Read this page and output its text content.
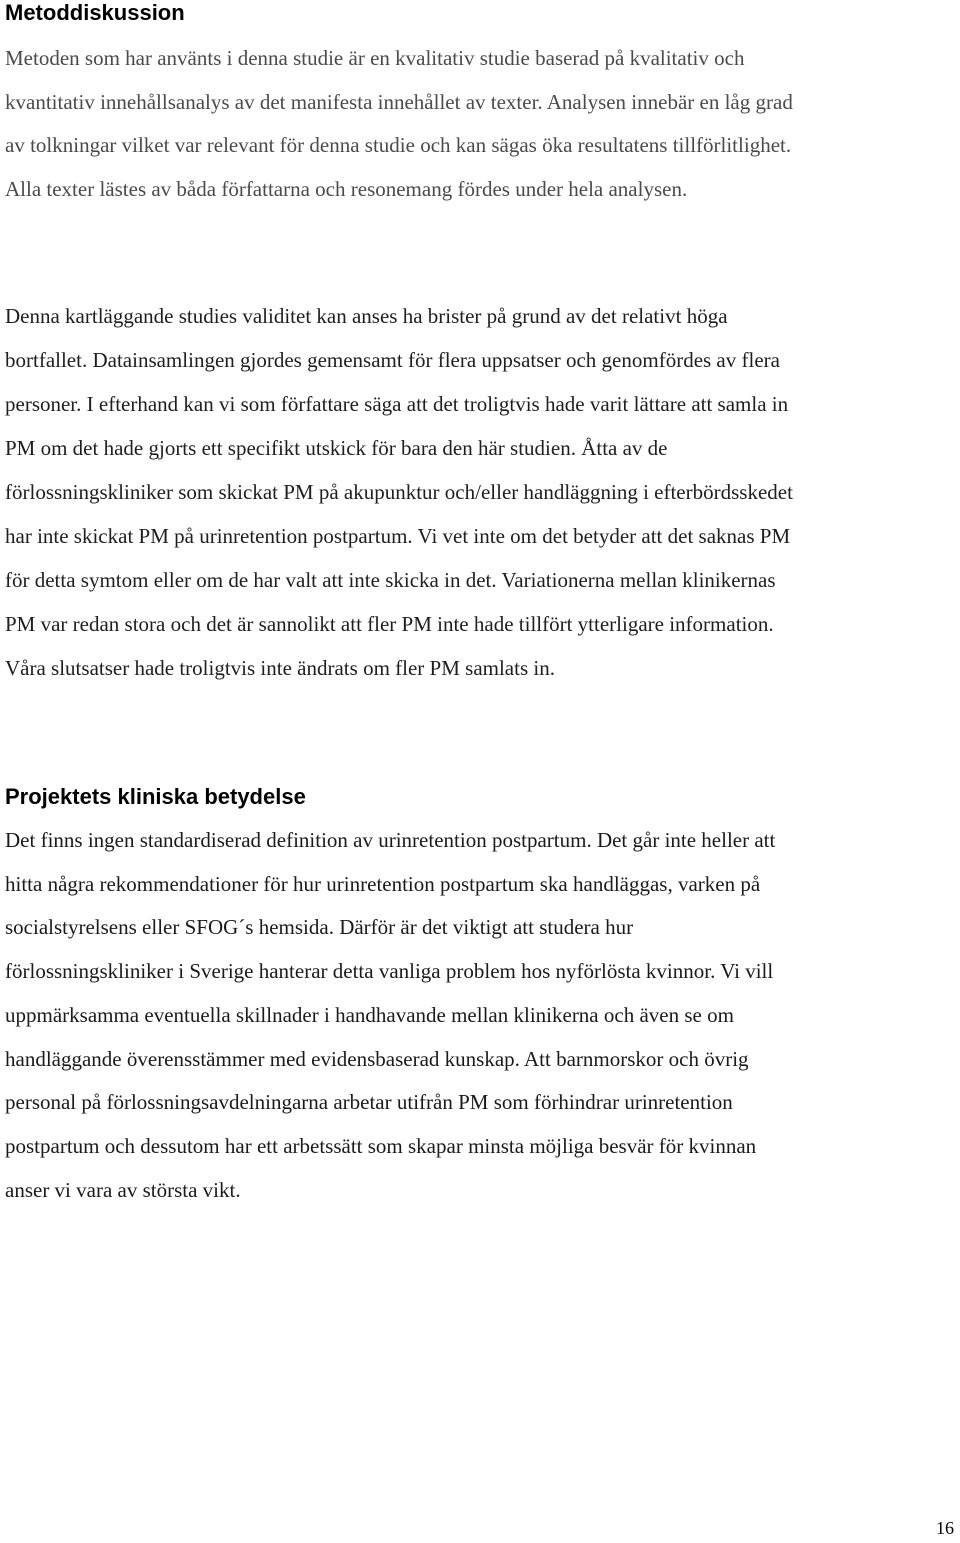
Metoddiskussion

Metoden som har använts i denna studie är en kvalitativ studie baserad på kvalitativ och
kvantitativ innehållsanalys av det manifesta innehållet av texter. Analysen innebär en låg grad
av tolkningar vilket var relevant för denna studie och kan sägas öka resultatens tillförlitlighet.
Alla texter lästes av båda författarna och resonemang fördes under hela analysen.

Denna kartläggande studies validitet kan anses ha brister på grund av det relativt höga
bortfallet. Datainsamlingen gjordes gemensamt för flera uppsatser och genomfördes av flera
personer. I efterhand kan vi som författare säga att det troligtvis hade varit lättare att samla in
PM om det hade gjorts ett specifikt utskick för bara den här studien. Åtta av de
förlossningskliniker som skickat PM på akupunktur och/eller handläggning i efterbördsskedet
har inte skickat PM på urinretention postpartum. Vi vet inte om det betyder att det saknas PM
för detta symtom eller om de har valt att inte skicka in det. Variationerna mellan klinikernas
PM var redan stora och det är sannolikt att fler PM inte hade tillfört ytterligare information.
Våra slutsatser hade troligtvis inte ändrats om fler PM samlats in.

Projektets kliniska betydelse

Det finns ingen standardiserad definition av urinretention postpartum. Det går inte heller att
hitta några rekommendationer för hur urinretention postpartum ska handläggas, varken på
socialstyrelsens eller SFOG´s hemsida. Därför är det viktigt att studera hur
förlossningskliniker i Sverige hanterar detta vanliga problem hos nyförlösta kvinnor. Vi vill
uppmärksamma eventuella skillnader i handhavande mellan klinikerna och även se om
handläggande överensstämmer med evidensbaserad kunskap. Att barnmorskor och övrig
personal på förlossningsavdelningarna arbetar utifrån PM som förhindrar urinretention
postpartum och dessutom har ett arbetssätt som skapar minsta möjliga besvär för kvinnan
anser vi vara av största vikt.

16
